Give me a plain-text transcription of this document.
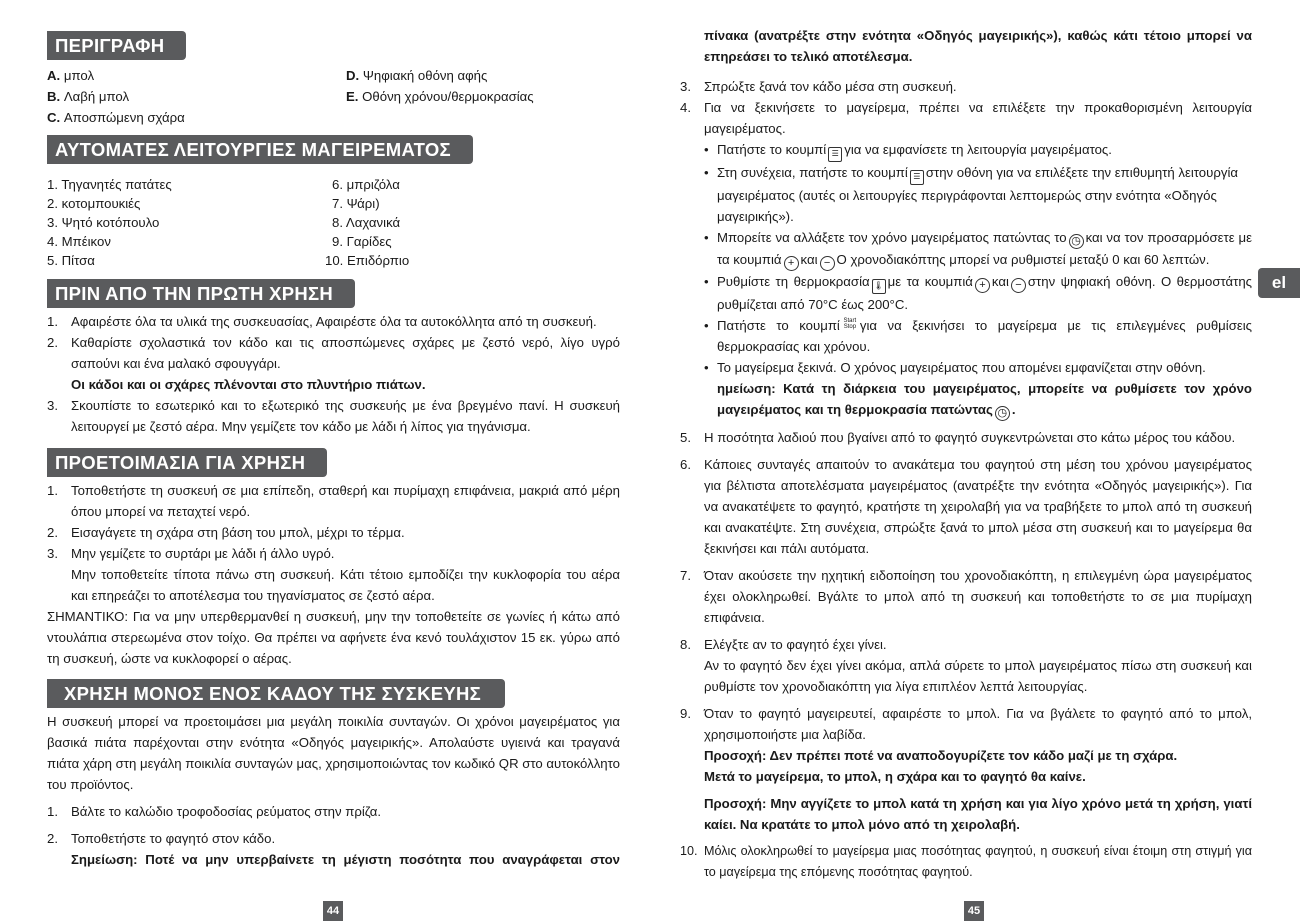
ΠΕΡΙΓΡΑΦΗ
A. μπολ
B. Λαβή μπολ
C. Αποσπώμενη σχάρα
D. Ψηφιακή οθόνη αφής
E. Οθόνη χρόνου/θερμοκρασίας
ΑΥΤΟΜΑΤΕΣ ΛΕΙΤΟΥΡΓΙΕΣ ΜΑΓΕΙΡΕΜΑΤΟΣ
1. Τηγανητές πατάτες
2. κοτομπουκιές
3. Ψητό κοτόπουλο
4. Μπέικον
5. Πίτσα
6. μπριζόλα
7. Ψάρι)
8. Λαχανικά
9. Γαρίδες
10. Επιδόρπιο
ΠΡΙΝ ΑΠΟ ΤΗΝ ΠΡΩΤΗ ΧΡΗΣΗ
1. Αφαιρέστε όλα τα υλικά της συσκευασίας, Αφαιρέστε όλα τα αυτοκόλλητα από τη συσκευή.
2. Καθαρίστε σχολαστικά τον κάδο και τις αποσπώμενες σχάρες με ζεστό νερό, λίγο υγρό σαπούνι και ένα μαλακό σφουγγάρι.
Οι κάδοι και οι σχάρες πλένονται στο πλυντήριο πιάτων.
3. Σκουπίστε το εσωτερικό και το εξωτερικό της συσκευής με ένα βρεγμένο πανί. Η συσκευή λειτουργεί με ζεστό αέρα. Μην γεμίζετε τον κάδο με λάδι ή λίπος για τηγάνισμα.
ΠΡΟΕΤΟΙΜΑΣΙΑ ΓΙΑ ΧΡΗΣΗ
1. Τοποθετήστε τη συσκευή σε μια επίπεδη, σταθερή και πυρίμαχη επιφάνεια, μακριά από μέρη όπου μπορεί να πεταχτεί νερό.
2. Εισαγάγετε τη σχάρα στη βάση του μπολ, μέχρι το τέρμα.
3. Μην γεμίζετε το συρτάρι με λάδι ή άλλο υγρό.
Μην τοποθετείτε τίποτα πάνω στη συσκευή. Κάτι τέτοιο εμποδίζει την κυκλοφορία του αέρα και επηρεάζει το αποτέλεσμα του τηγανίσματος σε ζεστό αέρα.
ΣΗΜΑΝΤΙΚΟ: Για να μην υπερθερμανθεί η συσκευή, μην την τοποθετείτε σε γωνίες ή κάτω από ντουλάπια στερεωμένα στον τοίχο. Θα πρέπει να αφήνετε ένα κενό τουλάχιστον 15 εκ. γύρω από τη συσκευή, ώστε να κυκλοφορεί ο αέρας.
ΧΡΗΣΗ ΜΟΝΟΣ ΕΝΟΣ ΚΑΔΟΥ ΤΗΣ ΣΥΣΚΕΥΗΣ
Η συσκευή μπορεί να προετοιμάσει μια μεγάλη ποικιλία συνταγών. Οι χρόνοι μαγειρέματος για βασικά πιάτα παρέχονται στην ενότητα «Οδηγός μαγειρικής». Απολαύστε υγιεινά και τραγανά πιάτα χάρη στη μεγάλη ποικιλία συνταγών μας, χρησιμοποιώντας τον κωδικό QR στο αυτοκόλλητο του προϊόντος.
1. Βάλτε το καλώδιο τροφοδοσίας ρεύματος στην πρίζα.
2. Τοποθετήστε το φαγητό στον κάδο.
Σημείωση: Ποτέ να μην υπερβαίνετε τη μέγιστη ποσότητα που αναγράφεται στον
44
πίνακα (ανατρέξτε στην ενότητα «Οδηγός μαγειρικής»), καθώς κάτι τέτοιο μπορεί να επηρεάσει το τελικό αποτέλεσμα.
3. Σπρώξτε ξανά τον κάδο μέσα στη συσκευή.
4. Για να ξεκινήσετε το μαγείρεμα, πρέπει να επιλέξετε την προκαθορισμένη λειτουργία μαγειρέματος.
• Πατήστε το κουμπί ☰ για να εμφανίσετε τη λειτουργία μαγειρέματος.
• Στη συνέχεια, πατήστε το κουμπί ☰ στην οθόνη για να επιλέξετε την επιθυμητή λειτουργία μαγειρέματος (αυτές οι λειτουργίες περιγράφονται λεπτομερώς στην ενότητα «Οδηγός μαγειρικής»).
• Μπορείτε να αλλάξετε τον χρόνο μαγειρέματος πατώντας το ◷ και να τον προσαρμόσετε με τα κουμπιά + και − Ο χρονοδιακόπτης μπορεί να ρυθμιστεί μεταξύ 0 και 60 λεπτών.
• Ρυθμίστε τη θερμοκρασία 🌡 με τα κουμπιά + και − στην ψηφιακή οθόνη. Ο θερμοστάτης ρυθμίζεται από 70°C έως 200°C.
• Πατήστε το κουμπί Start
Stop για να ξεκινήσει το μαγείρεμα με τις επιλεγμένες ρυθμίσεις θερμοκρασίας και χρόνου.
• Το μαγείρεμα ξεκινά. Ο χρόνος μαγειρέματος που απομένει εμφανίζεται στην οθόνη.
ημείωση: Κατά τη διάρκεια του μαγειρέματος, μπορείτε να ρυθμίσετε τον χρόνο μαγειρέματος και τη θερμοκρασία πατώντας ◷ .
5. Η ποσότητα λαδιού που βγαίνει από το φαγητό συγκεντρώνεται στο κάτω μέρος του κάδου.
6. Κάποιες συνταγές απαιτούν το ανακάτεμα του φαγητού στη μέση του χρόνου μαγειρέματος για βέλτιστα αποτελέσματα μαγειρέματος (ανατρέξτε την ενότητα «Οδηγός μαγειρικής»). Για να ανακατέψετε το φαγητό, κρατήστε τη χειρολαβή για να τραβήξετε το μπολ από τη συσκευή και ανακατέψτε. Στη συνέχεια, σπρώξτε ξανά το μπολ μέσα στη συσκευή και το μαγείρεμα θα ξεκινήσει και πάλι αυτόματα.
7. Όταν ακούσετε την ηχητική ειδοποίηση του χρονοδιακόπτη, η επιλεγμένη ώρα μαγειρέματος έχει ολοκληρωθεί. Βγάλτε το μπολ από τη συσκευή και τοποθετήστε το σε μια πυρίμαχη επιφάνεια.
8. Ελέγξτε αν το φαγητό έχει γίνει.
Αν το φαγητό δεν έχει γίνει ακόμα, απλά σύρετε το μπολ μαγειρέματος πίσω στη συσκευή και ρυθμίστε τον χρονοδιακόπτη για λίγα επιπλέον λεπτά λειτουργίας.
9. Όταν το φαγητό μαγειρευτεί, αφαιρέστε το μπολ. Για να βγάλετε το φαγητό από το μπολ, χρησιμοποιήστε μια λαβίδα.
Προσοχή: Δεν πρέπει ποτέ να αναποδογυρίζετε τον κάδο μαζί με τη σχάρα.
Μετά το μαγείρεμα, το μπολ, η σχάρα και το φαγητό θα καίνε.
Προσοχή: Μην αγγίζετε το μπολ κατά τη χρήση και για λίγο χρόνο μετά τη χρήση, γιατί καίει. Να κρατάτε το μπολ μόνο από τη χειρολαβή.
10. Μόλις ολοκληρωθεί το μαγείρεμα μιας ποσότητας φαγητού, η συσκευή είναι έτοιμη στη στιγμή για το μαγείρεμα της επόμενης ποσότητας φαγητού.
45
el
